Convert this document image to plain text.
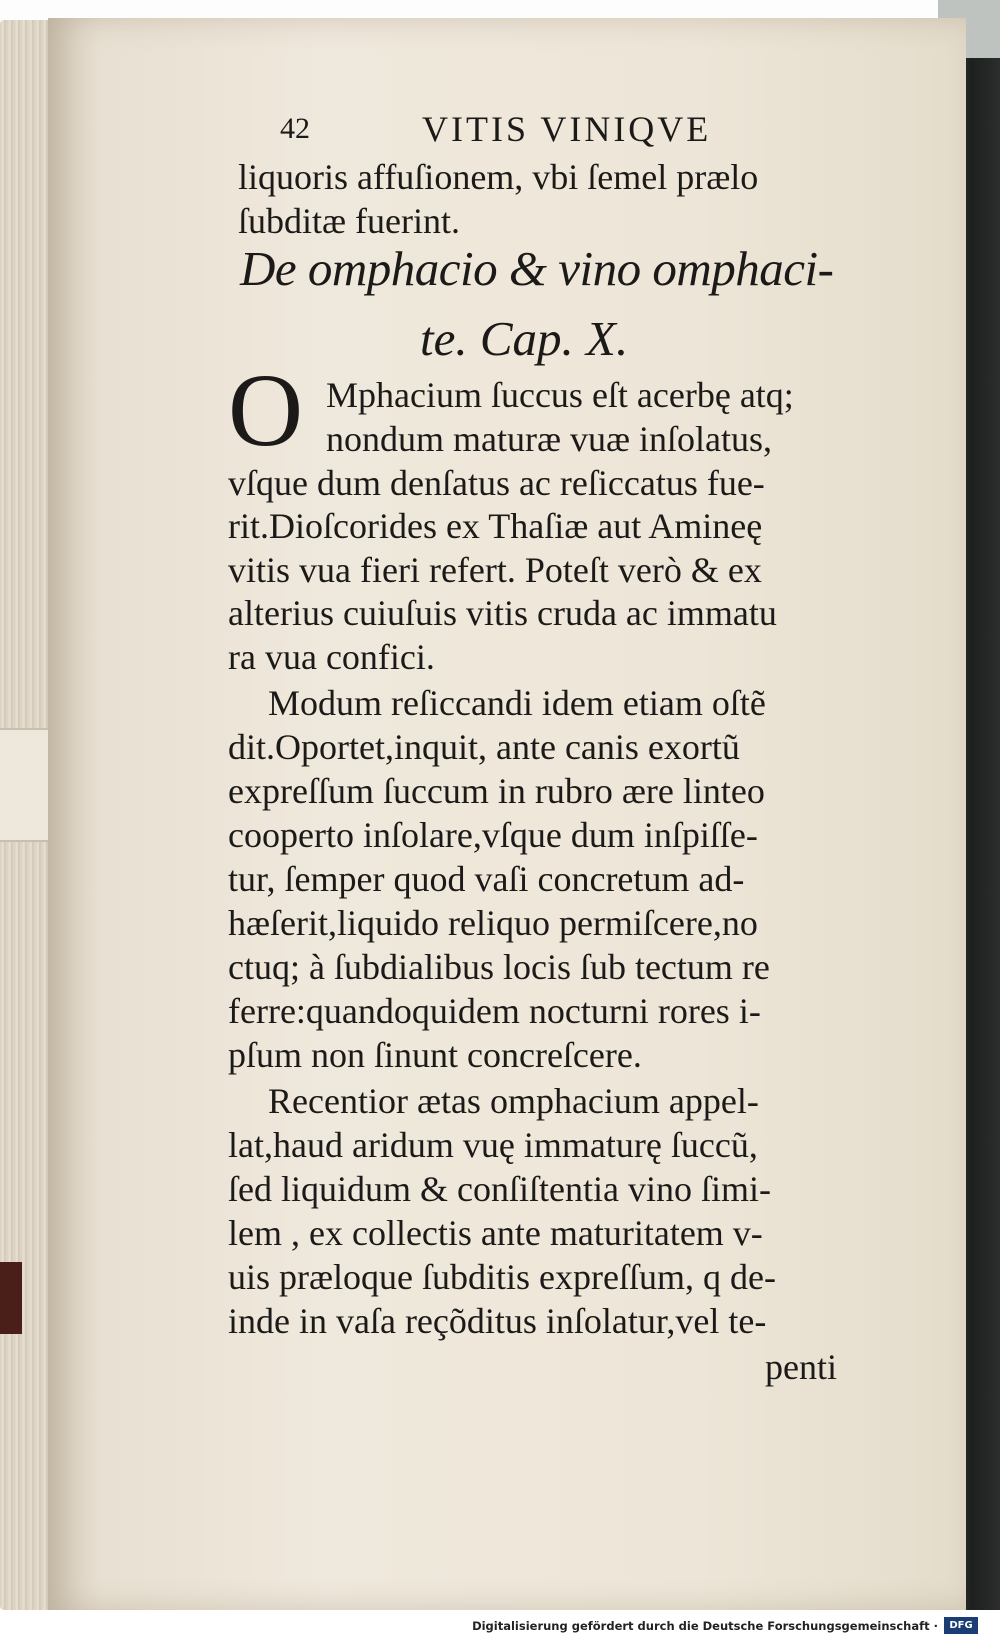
42	VITIS VINIQVE
liquoris affuſionem, vbi ſemel prælo
ſubditæ fuerint.
De omphacio & vino omphaci-
te. Cap. X.
O Mphacium ſuccus eſt acerbę atq;
nondum maturæ vuæ inſolatus,
vſque dum denſatus ac reſiccatus fue-
rit.Dioſcorides ex Thaſiæ aut Amineę
vitis vua fieri refert. Poteſt verò & ex
alterius cuiuſuis vitis cruda ac immatu
ra vua confici.
Modum reſiccandi idem etiam oſtẽ
dit.Oportet,inquit, ante canis exortũ
expreſſum ſuccum in rubro ære linteo
cooperto inſolare,vſque dum inſpiſſe-
tur, ſemper quod vaſi concretum ad-
hæſerit,liquido reliquo permiſcere,no
ctuq; à ſubdialibus locis ſub tectum re
ferre:quandoquidem nocturni rores i-
pſum non ſinunt concreſcere.
Recentior ætas omphacium appel-
lat,haud aridum vuę immaturę ſuccũ,
ſed liquidum & conſiſtentia vino ſimi-
lem , ex collectis ante maturitatem v-
uis præloque ſubditis expreſſum, q de-
inde in vaſa reçõditus inſolatur,vel te-
penti
Digitalisierung gefördert durch die Deutsche Forschungsgemeinschaft ·	DFG
